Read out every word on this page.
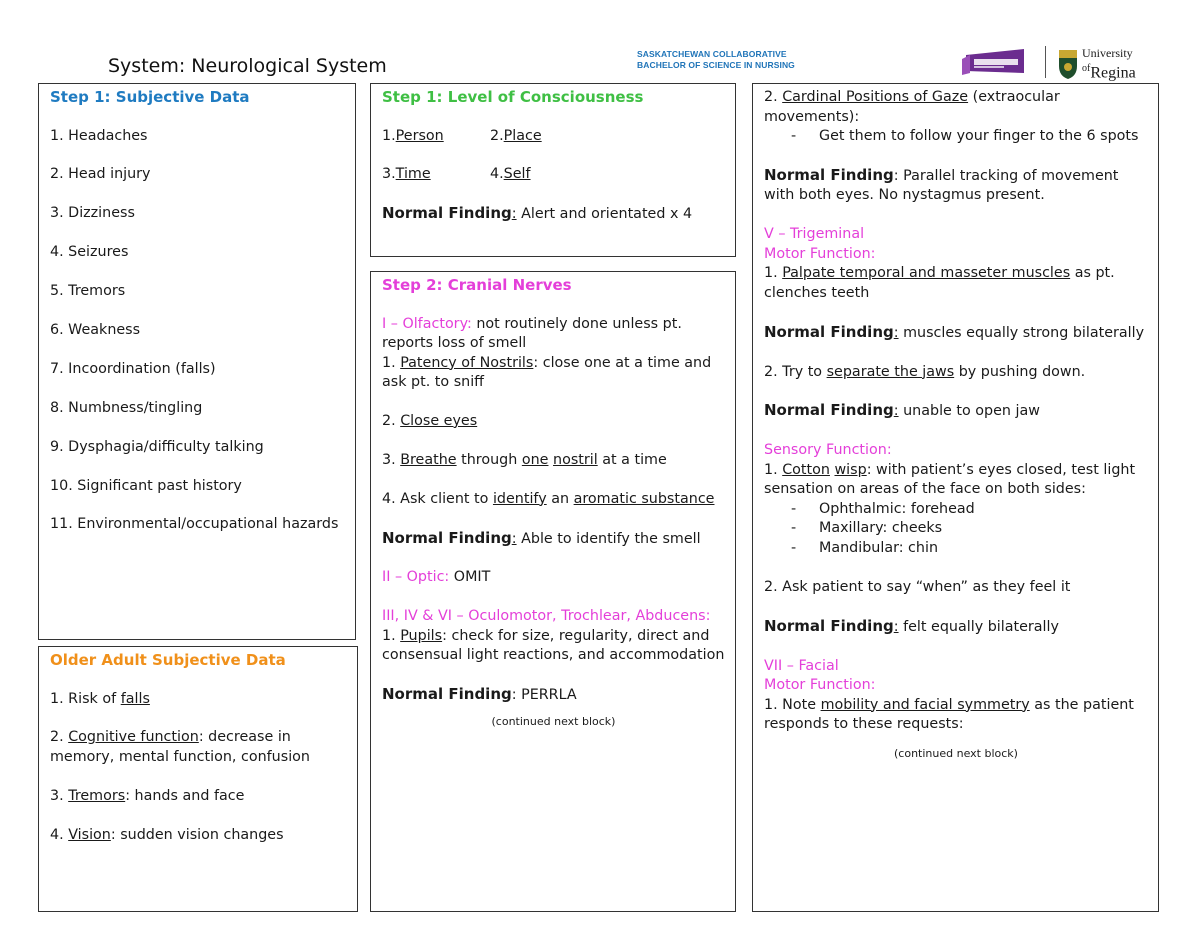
System: Neurological System
SASKATCHEWAN COLLABORATIVE
BACHELOR OF SCIENCE IN NURSING
University
$^{of}$Regina

Step 1: Subjective Data

1. Headaches

2. Head injury

3. Dizziness

4. Seizures

5. Tremors

6. Weakness

7. Incoordination (falls)

8. Numbness/tingling

9. Dysphagia/difficulty talking

10. Significant past history

11. Environmental/occupational hazards

Older Adult Subjective Data

1. Risk of falls

2. Cognitive function: decrease in memory, mental function, confusion

3. Tremors: hands and face

4. Vision: sudden vision changes

Step 1: Level of Consciousness

1.Person	2.Place

3.Time	4.Self

Normal Finding: Alert and orientated x 4

Step 2: Cranial Nerves

I – Olfactory: not routinely done unless pt. reports loss of smell

1. Patency of Nostrils: close one at a time and ask pt. to sniff

2. Close eyes

3. Breathe through one nostril at a time

4. Ask client to identify an aromatic substance

Normal Finding: Able to identify the smell

II – Optic: OMIT

III, IV & VI – Oculomotor, Trochlear, Abducens:

1. Pupils: check for size, regularity, direct and consensual light reactions, and accommodation

Normal Finding: PERRLA

(continued next block)

2. Cardinal Positions of Gaze (extraocular movements):

- Get them to follow your finger to the 6 spots

Normal Finding: Parallel tracking of movement with both eyes. No nystagmus present.

V – Trigeminal

Motor Function:

1. Palpate temporal and masseter muscles as pt. clenches teeth

Normal Finding: muscles equally strong bilaterally

2. Try to separate the jaws by pushing down.

Normal Finding: unable to open jaw

Sensory Function:

1. Cotton wisp: with patient’s eyes closed, test light sensation on areas of the face on both sides:

- Ophthalmic: forehead

- Maxillary: cheeks

- Mandibular: chin

2. Ask patient to say “when” as they feel it

Normal Finding: felt equally bilaterally

VII – Facial

Motor Function:

1. Note mobility and facial symmetry as the patient responds to these requests:

(continued next block)
